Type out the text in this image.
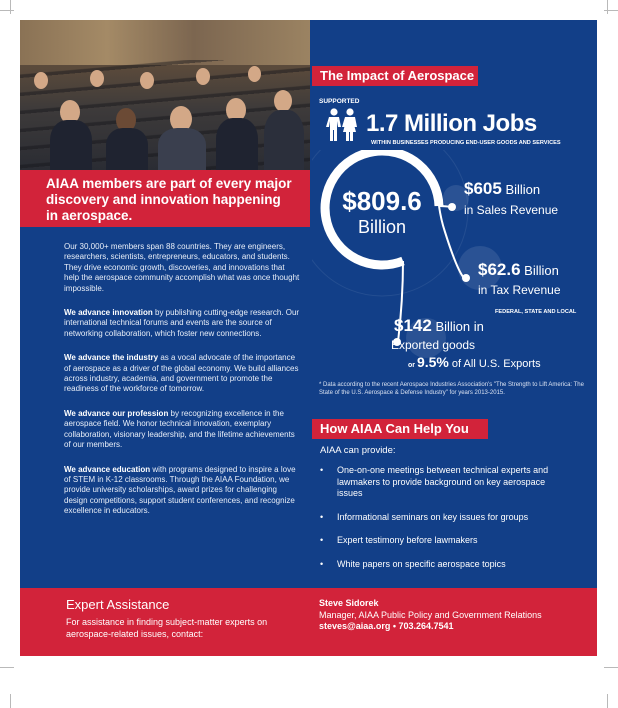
AIAA members are part of every major discovery and innovation happening in aerospace.

Our 30,000+ members span 88 countries. They are engineers, researchers, scientists, entrepreneurs, educators, and students. They drive economic growth, discoveries, and innovations that help the aerospace community accomplish what was once thought impossible.

We advance innovation by publishing cutting-edge research. Our international technical forums and events are the source of networking collaboration, which foster new connections.

We advance the industry as a vocal advocate of the importance of aerospace as a driver of the global economy. We build alliances across industry, academia, and government to promote the readiness of the workforce of tomorrow.

We advance our profession by recognizing excellence in the aerospace field. We honor technical innovation, exemplary collaboration, visionary leadership, and the lifetime achievements of our members.

We advance education with programs designed to inspire a love of STEM in K-12 classrooms. Through the AIAA Foundation, we provide university scholarships, award prizes for challenging design competitions, support student conferences, and recognize excellence in educators.

The Impact of Aerospace
SUPPORTED
1.7 Million Jobs
WITHIN BUSINESSES PRODUCING END-USER GOODS AND SERVICES
$809.6
Billion
$605 Billion
in Sales Revenue
$62.6 Billion
in Tax Revenue
FEDERAL, STATE AND LOCAL
$142 Billion in
Exported goods
or 9.5% of All U.S. Exports
* Data according to the recent Aerospace Industries Association's "The Strength to Lift America: The State of the U.S. Aerospace & Defense Industry" for years 2013-2015.
How AIAA Can Help You
AIAA can provide:
• One-on-one meetings between technical experts and lawmakers to provide background on key aerospace issues
• Informational seminars on key issues for groups
• Expert testimony before lawmakers
• White papers on specific aerospace topics
Expert Assistance
For assistance in finding subject-matter experts on aerospace-related issues, contact:
Steve Sidorek
Manager, AIAA Public Policy and Government Relations
steves@aiaa.org • 703.264.7541
